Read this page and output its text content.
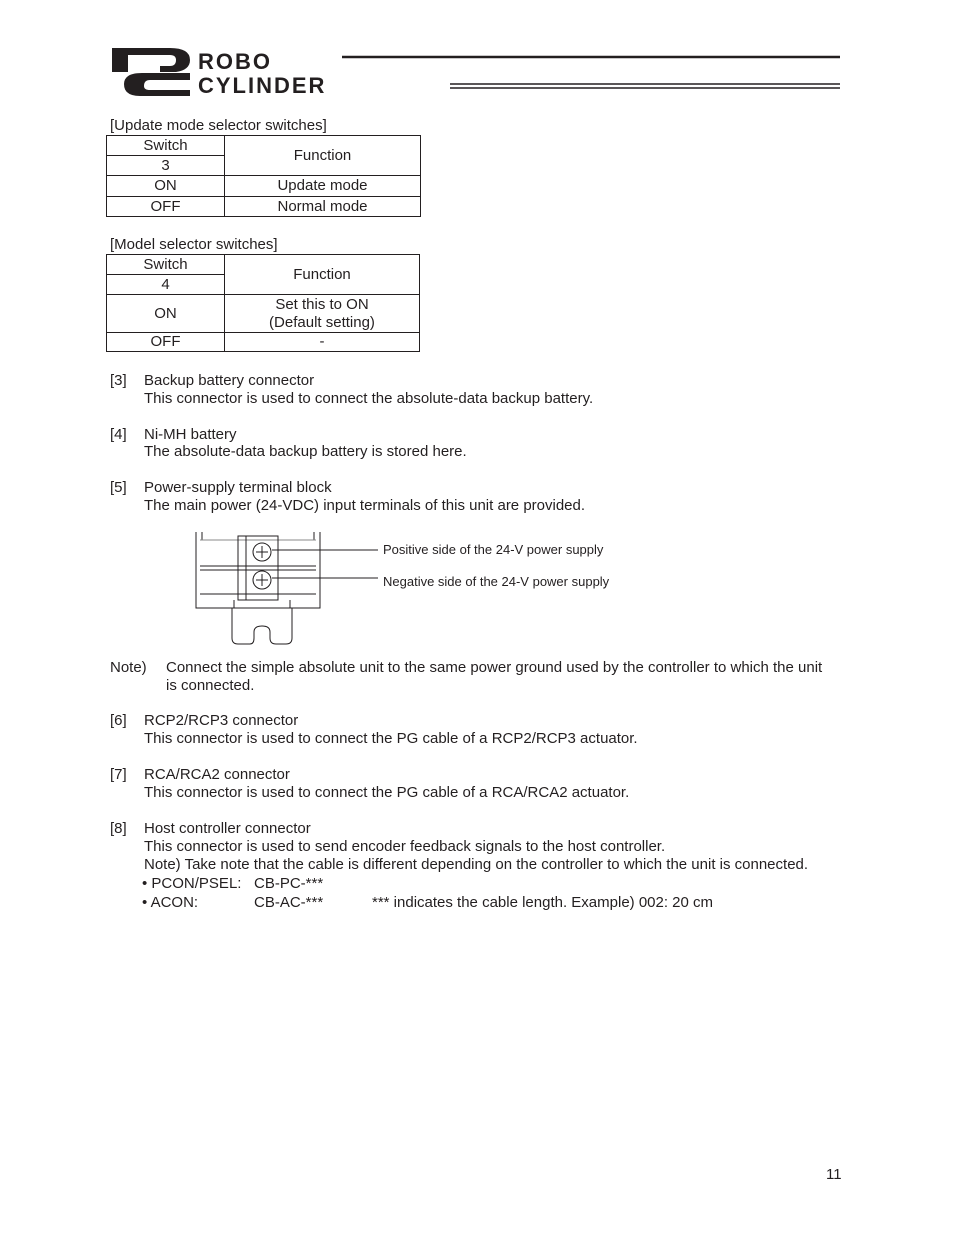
ROBO
CYLINDER
[Update mode selector switches]
Switch	Function
3	
ON	Update mode
OFF	Normal mode
[Model selector switches]
Switch	Function
4	
ON	Set this to ON
(Default setting)

OFF	-
[3] Backup battery connector
This connector is used to connect the absolute-data backup battery.
[4] Ni-MH battery
The absolute-data backup battery is stored here.
[5] Power-supply terminal block
The main power (24-VDC) input terminals of this unit are provided.
Positive side of the 24-V power supply
Negative side of the 24-V power supply
Note) Connect the simple absolute unit to the same power ground used by the controller to which the unit
is connected.
[6] RCP2/RCP3 connector
This connector is used to connect the PG cable of a RCP2/RCP3 actuator.
[7] RCA/RCA2 connector
This connector is used to connect the PG cable of a RCA/RCA2 actuator.
[8] Host controller connector
This connector is used to send encoder feedback signals to the host controller.
Note) Take note that the cable is different depending on the controller to which the unit is connected.
• PCON/PSEL: CB-PC-***
• ACON:	CB-AC-***	*** indicates the cable length. Example) 002: 20 cm
11
